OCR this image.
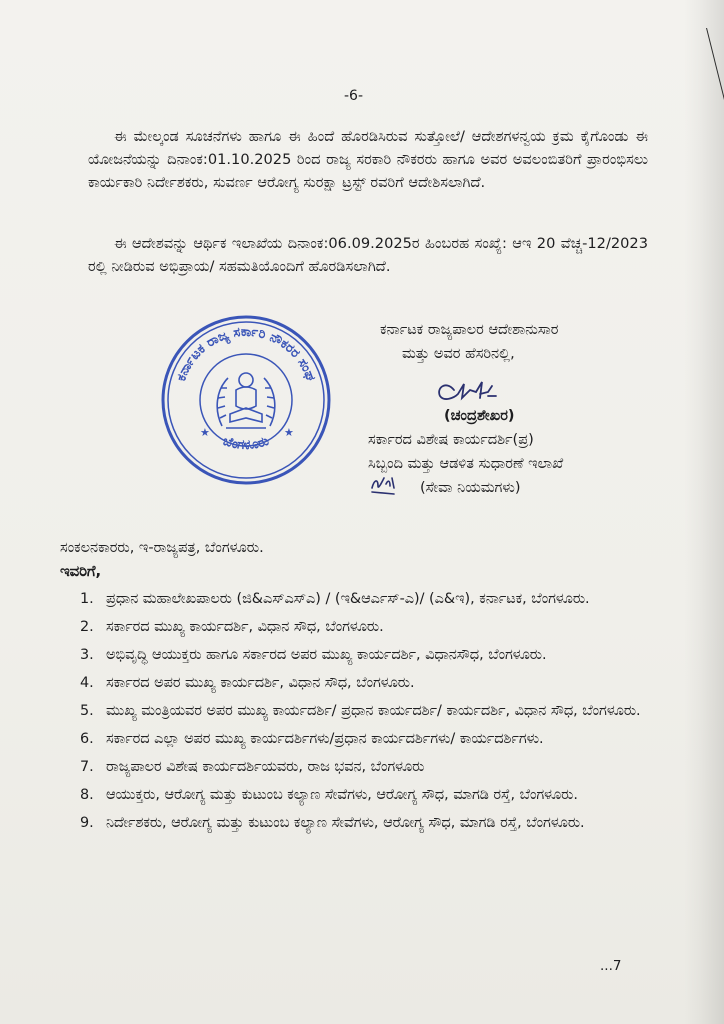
-6-
ಈ ಮೇಲ್ಕಂಡ ಸೂಚನೆಗಳು ಹಾಗೂ ಈ ಹಿಂದೆ ಹೊರಡಿಸಿರುವ ಸುತ್ತೋಲೆ/ ಆದೇಶಗಳನ್ವಯ ಕ್ರಮ ಕೈಗೊಂಡು ಈ ಯೋಜನೆಯನ್ನು ದಿನಾಂಕ:01.10.2025 ರಿಂದ ರಾಜ್ಯ ಸರಕಾರಿ ನೌಕರರು ಹಾಗೂ ಅವರ ಅವಲಂಬಿತರಿಗೆ ಪ್ರಾರಂಭಿಸಲು ಕಾರ್ಯಕಾರಿ ನಿರ್ದೇಶಕರು, ಸುವರ್ಣ ಆರೋಗ್ಯ ಸುರಕ್ಷಾ ಟ್ರಸ್ಟ್ ರವರಿಗೆ ಆದೇಶಿಸಲಾಗಿದೆ.
ಈ ಆದೇಶವನ್ನು ಆರ್ಥಿಕ ಇಲಾಖೆಯ ದಿನಾಂಕ:06.09.2025ರ ಹಿಂಬರಹ ಸಂಖ್ಯೆ: ಆಇ 20 ವೆಚ್ಚ-12/2023 ರಲ್ಲಿ ನೀಡಿರುವ ಅಭಿಪ್ರಾಯ/ ಸಹಮತಿಯೊಂದಿಗೆ ಹೊರಡಿಸಲಾಗಿದೆ.
ಕರ್ನಾಟಕ ರಾಜ್ಯ ಸರ್ಕಾರಿ ನೌಕರರ ಸಂಘ
ಬೆಂಗಳೂರು
★	★
ಕರ್ನಾಟಕ ರಾಜ್ಯಪಾಲರ ಆದೇಶಾನುಸಾರ
ಮತ್ತು ಅವರ ಹೆಸರಿನಲ್ಲಿ,
(ಚಂದ್ರಶೇಖರ)
ಸರ್ಕಾರದ ವಿಶೇಷ ಕಾರ್ಯದರ್ಶಿ(ಪ್ರ)
ಸಿಬ್ಬಂದಿ ಮತ್ತು ಆಡಳಿತ ಸುಧಾರಣೆ ಇಲಾಖೆ
(ಸೇವಾ ನಿಯಮಗಳು)
ಸಂಕಲನಕಾರರು, ಇ-ರಾಜ್ಯಪತ್ರ, ಬೆಂಗಳೂರು.
ಇವರಿಗೆ,
1. ಪ್ರಧಾನ ಮಹಾಲೇಖಪಾಲರು (ಜಿ&ಎಸ್ಎಸ್ಎ) / (ಇ&ಆರ್ಎಸ್-ಎ)/ (ಎ&ಇ), ಕರ್ನಾಟಕ, ಬೆಂಗಳೂರು.
2. ಸರ್ಕಾರದ ಮುಖ್ಯ ಕಾರ್ಯದರ್ಶಿ, ವಿಧಾನ ಸೌಧ, ಬೆಂಗಳೂರು.
3. ಅಭಿವೃದ್ಧಿ ಆಯುಕ್ತರು ಹಾಗೂ ಸರ್ಕಾರದ ಅಪರ ಮುಖ್ಯ ಕಾರ್ಯದರ್ಶಿ, ವಿಧಾನಸೌಧ, ಬೆಂಗಳೂರು.
4. ಸರ್ಕಾರದ ಅಪರ ಮುಖ್ಯ ಕಾರ್ಯದರ್ಶಿ, ವಿಧಾನ ಸೌಧ, ಬೆಂಗಳೂರು.
5. ಮುಖ್ಯ ಮಂತ್ರಿಯವರ ಅಪರ ಮುಖ್ಯ ಕಾರ್ಯದರ್ಶಿ/ ಪ್ರಧಾನ ಕಾರ್ಯದರ್ಶಿ/ ಕಾರ್ಯದರ್ಶಿ, ವಿಧಾನ ಸೌಧ, ಬೆಂಗಳೂರು.
6. ಸರ್ಕಾರದ ಎಲ್ಲಾ ಅಪರ ಮುಖ್ಯ ಕಾರ್ಯದರ್ಶಿಗಳು/ಪ್ರಧಾನ ಕಾರ್ಯದರ್ಶಿಗಳು/ ಕಾರ್ಯದರ್ಶಿಗಳು.
7. ರಾಜ್ಯಪಾಲರ ವಿಶೇಷ ಕಾರ್ಯದರ್ಶಿಯವರು, ರಾಜ ಭವನ, ಬೆಂಗಳೂರು
8. ಆಯುಕ್ತರು, ಆರೋಗ್ಯ ಮತ್ತು ಕುಟುಂಬ ಕಲ್ಯಾಣ ಸೇವೆಗಳು, ಆರೋಗ್ಯ ಸೌಧ, ಮಾಗಡಿ ರಸ್ತೆ, ಬೆಂಗಳೂರು.
9. ನಿರ್ದೇಶಕರು, ಆರೋಗ್ಯ ಮತ್ತು ಕುಟುಂಬ ಕಲ್ಯಾಣ ಸೇವೆಗಳು, ಆರೋಗ್ಯ ಸೌಧ, ಮಾಗಡಿ ರಸ್ತೆ, ಬೆಂಗಳೂರು.
...7
